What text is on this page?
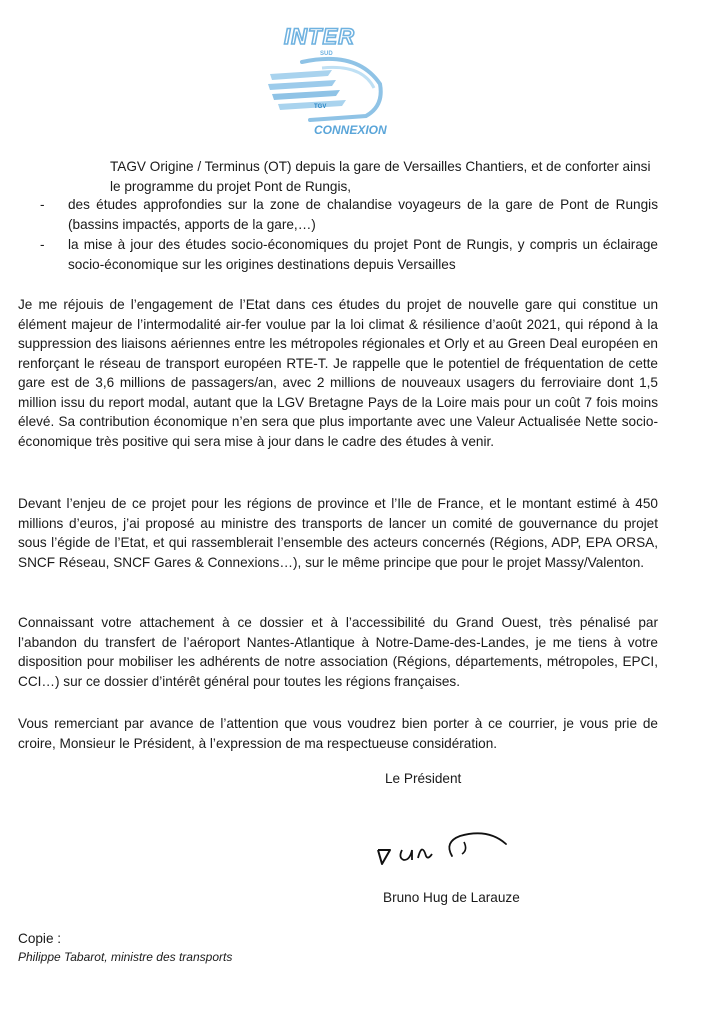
INTER
SUD
TGV
CONNEXION
TAGV Origine / Terminus (OT) depuis la gare de Versailles Chantiers, et de conforter ainsi le programme du projet Pont de Rungis,
- des études approfondies sur la zone de chalandise voyageurs de la gare de Pont de Rungis (bassins impactés, apports de la gare,…)
- la mise à jour des études socio-économiques du projet Pont de Rungis, y compris un éclairage socio-économique sur les origines destinations depuis Versailles
Je me réjouis de l’engagement de l’Etat dans ces études du projet de nouvelle gare qui constitue un élément majeur de l’intermodalité air-fer voulue par la loi climat & résilience d’août 2021, qui répond à la suppression des liaisons aériennes entre les métropoles régionales et Orly et au Green Deal européen en renforçant le réseau de transport européen RTE-T. Je rappelle que le potentiel de fréquentation de cette gare est de 3,6 millions de passagers/an, avec 2 millions de nouveaux usagers du ferroviaire dont 1,5 million issu du report modal, autant que la LGV Bretagne Pays de la Loire mais pour un coût 7 fois moins élevé. Sa contribution économique n’en sera que plus importante avec une Valeur Actualisée Nette socio-économique très positive qui sera mise à jour dans le cadre des études à venir.
Devant l’enjeu de ce projet pour les régions de province et l’Ile de France, et le montant estimé à 450 millions d’euros, j’ai proposé au ministre des transports de lancer un comité de gouvernance du projet sous l’égide de l’Etat, et qui rassemblerait l’ensemble des acteurs concernés (Régions, ADP, EPA ORSA, SNCF Réseau, SNCF Gares & Connexions…), sur le même principe que pour le projet Massy/Valenton.
Connaissant votre attachement à ce dossier et à l’accessibilité du Grand Ouest, très pénalisé par l’abandon du transfert de l’aéroport Nantes-Atlantique à Notre-Dame-des-Landes, je me tiens à votre disposition pour mobiliser les adhérents de notre association (Régions, départements, métropoles, EPCI, CCI…) sur ce dossier d’intérêt général pour toutes les régions françaises.
Vous remerciant par avance de l’attention que vous voudrez bien porter à ce courrier, je vous prie de croire, Monsieur le Président, à l’expression de ma respectueuse considération.
Le Président
Bruno Hug de Larauze
Copie :
Philippe Tabarot, ministre des transports
